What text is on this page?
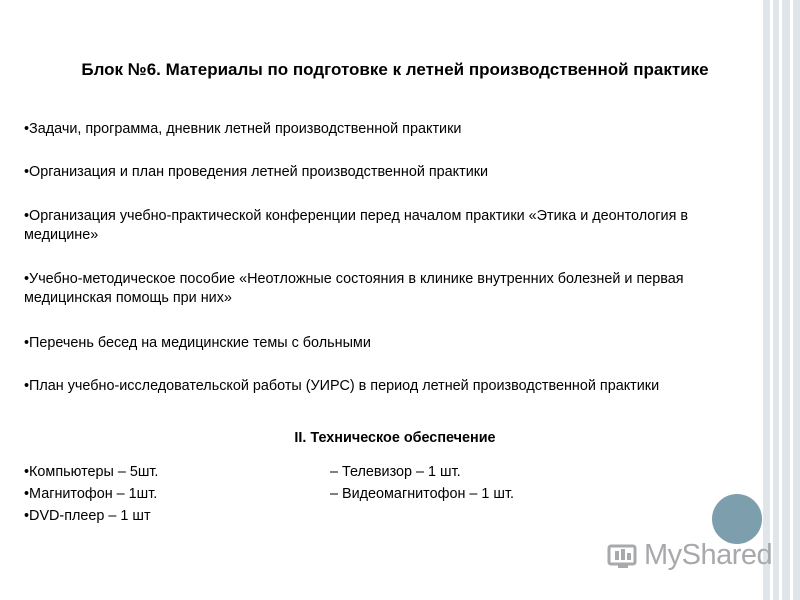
Блок №6. Материалы по подготовке к летней производственной практике
• Задачи, программа, дневник летней производственной практики
• Организация и план проведения летней производственной практики
• Организация учебно-практической конференции перед началом практики «Этика и деонтология в медицине»
• Учебно-методическое пособие «Неотложные состояния в клинике внутренних болезней и первая медицинская помощь при них»
• Перечень бесед на медицинские темы с больными
• План учебно-исследовательской работы (УИРС) в период летней производственной практики
II. Техническое обеспечение
• Компьютеры – 5шт.
• Магнитофон – 1шт.
• DVD-плеер – 1 шт
– Телевизор – 1 шт.
– Видеомагнитофон – 1 шт.
MyShared
